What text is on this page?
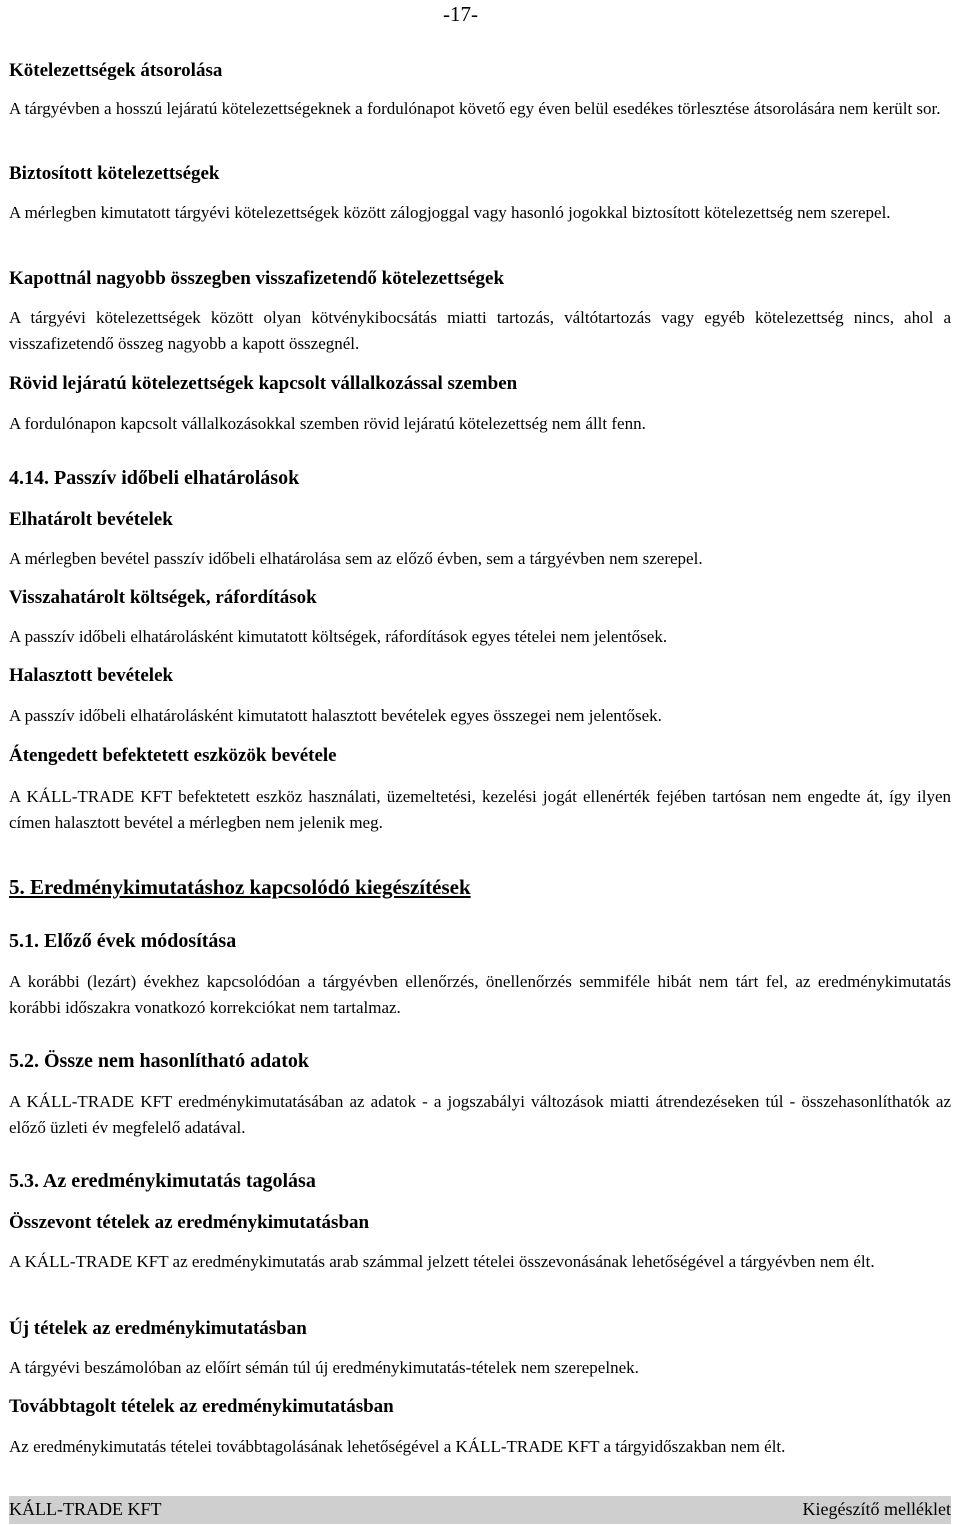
-17-
Kötelezettségek átsorolása

A tárgyévben a hosszú lejáratú kötelezettségeknek a fordulónapot követő egy éven belül esedékes törlesztése átsorolására nem került sor.

Biztosított kötelezettségek

A mérlegben kimutatott tárgyévi kötelezettségek között zálogjoggal vagy hasonló jogokkal biztosított kötelezettség nem szerepel.

Kapottnál nagyobb összegben visszafizetendő kötelezettségek

A tárgyévi kötelezettségek között olyan kötvénykibocsátás miatti tartozás, váltótartozás vagy egyéb kötelezettség nincs, ahol a visszafizetendő összeg nagyobb a kapott összegnél.

Rövid lejáratú kötelezettségek kapcsolt vállalkozással szemben

A fordulónapon kapcsolt vállalkozásokkal szemben rövid lejáratú kötelezettség nem állt fenn.

4.14. Passzív időbeli elhatárolások
Elhatárolt bevételek

A mérlegben bevétel passzív időbeli elhatárolása sem az előző évben, sem a tárgyévben nem szerepel.

Visszahatárolt költségek, ráfordítások

A passzív időbeli elhatárolásként kimutatott költségek, ráfordítások egyes tételei nem jelentősek.

Halasztott bevételek

A passzív időbeli elhatárolásként kimutatott halasztott bevételek egyes összegei nem jelentősek.

Átengedett befektetett eszközök bevétele

A KÁLL-TRADE KFT befektetett eszköz használati, üzemeltetési, kezelési jogát ellenérték fejében tartósan nem engedte át, így ilyen címen halasztott bevétel a mérlegben nem jelenik meg.

5. Eredménykimutatáshoz kapcsolódó kiegészítések
5.1. Előző évek módosítása

A korábbi (lezárt) évekhez kapcsolódóan a tárgyévben ellenőrzés, önellenőrzés semmiféle hibát nem tárt fel, az eredménykimutatás korábbi időszakra vonatkozó korrekciókat nem tartalmaz.

5.2. Össze nem hasonlítható adatok

A KÁLL-TRADE KFT eredménykimutatásában az adatok - a jogszabályi változások miatti átrendezéseken túl - összehasonlíthatók az előző üzleti év megfelelő adatával.

5.3. Az eredménykimutatás tagolása
Összevont tételek az eredménykimutatásban

A KÁLL-TRADE KFT az eredménykimutatás arab számmal jelzett tételei összevonásának lehetőségével a tárgyévben nem élt.

Új tételek az eredménykimutatásban

A tárgyévi beszámolóban az előírt sémán túl új eredménykimutatás-tételek nem szerepelnek.

Továbbtagolt tételek az eredménykimutatásban

Az eredménykimutatás tételei továbbtagolásának lehetőségével a KÁLL-TRADE KFT a tárgyidőszakban nem élt.

KÁLL-TRADE KFT	Kiegészítő melléklet
